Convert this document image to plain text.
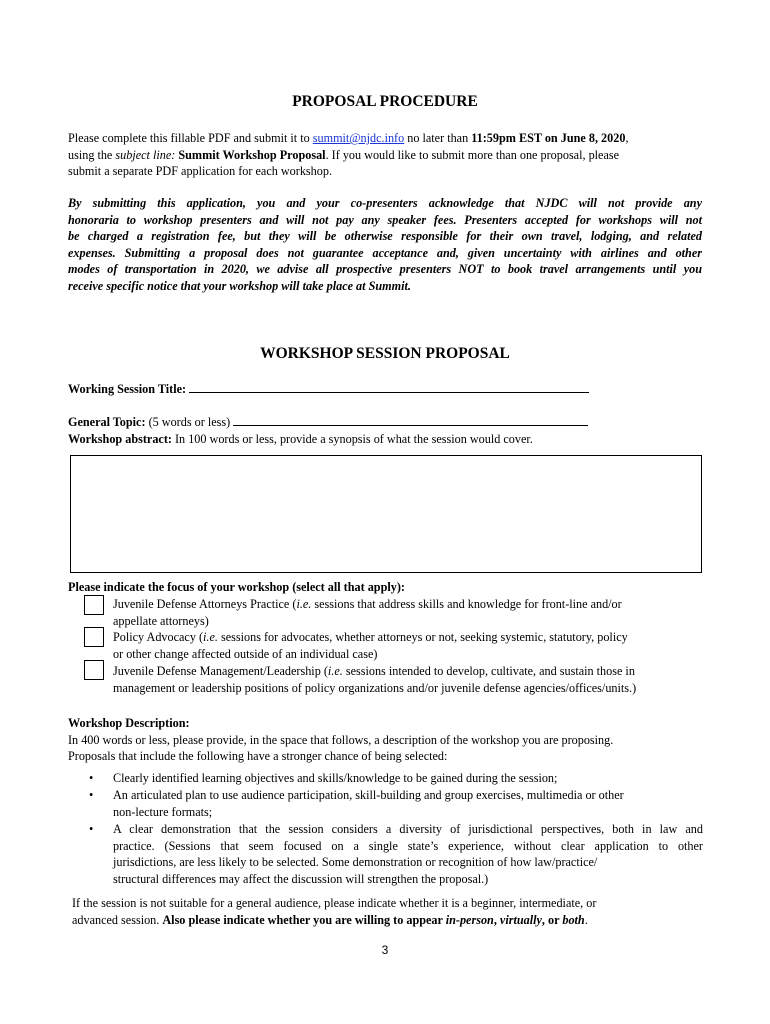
PROPOSAL PROCEDURE
Please complete this fillable PDF and submit it to summit@njdc.info no later than 11:59pm EST on June 8, 2020,
using the subject line: Summit Workshop Proposal. If you would like to submit more than one proposal, please
submit a separate PDF application for each workshop.
By submitting this application, you and your co-presenters acknowledge that NJDC will not provide any
honoraria to workshop presenters and will not pay any speaker fees. Presenters accepted for workshops will not
be charged a registration fee, but they will be otherwise responsible for their own travel, lodging, and related
expenses. Submitting a proposal does not guarantee acceptance and, given uncertainty with airlines and other
modes of transportation in 2020, we advise all prospective presenters NOT to book travel arrangements until you
receive specific notice that your workshop will take place at Summit.
WORKSHOP SESSION PROPOSAL
Working Session Title:
General Topic: (5 words or less)
Workshop abstract: In 100 words or less, provide a synopsis of what the session would cover.
Please indicate the focus of your workshop (select all that apply):
Juvenile Defense Attorneys Practice (i.e. sessions that address skills and knowledge for front-line and/or
appellate attorneys)
Policy Advocacy (i.e. sessions for advocates, whether attorneys or not, seeking systemic, statutory, policy
or other change affected outside of an individual case)
Juvenile Defense Management/Leadership (i.e. sessions intended to develop, cultivate, and sustain those in
management or leadership positions of policy organizations and/or juvenile defense agencies/offices/units.)
Workshop Description:
In 400 words or less, please provide, in the space that follows, a description of the workshop you are proposing.
Proposals that include the following have a stronger chance of being selected:
• Clearly identified learning objectives and skills/knowledge to be gained during the session;
• An articulated plan to use audience participation, skill-building and group exercises, multimedia or other
non-lecture formats;
• A clear demonstration that the session considers a diversity of jurisdictional perspectives, both in law and
practice. (Sessions that seem focused on a single state’s experience, without clear application to other
jurisdictions, are less likely to be selected. Some demonstration or recognition of how law/practice/
structural differences may affect the discussion will strengthen the proposal.)
If the session is not suitable for a general audience, please indicate whether it is a beginner, intermediate, or
advanced session. Also please indicate whether you are willing to appear in-person, virtually, or both.
3
